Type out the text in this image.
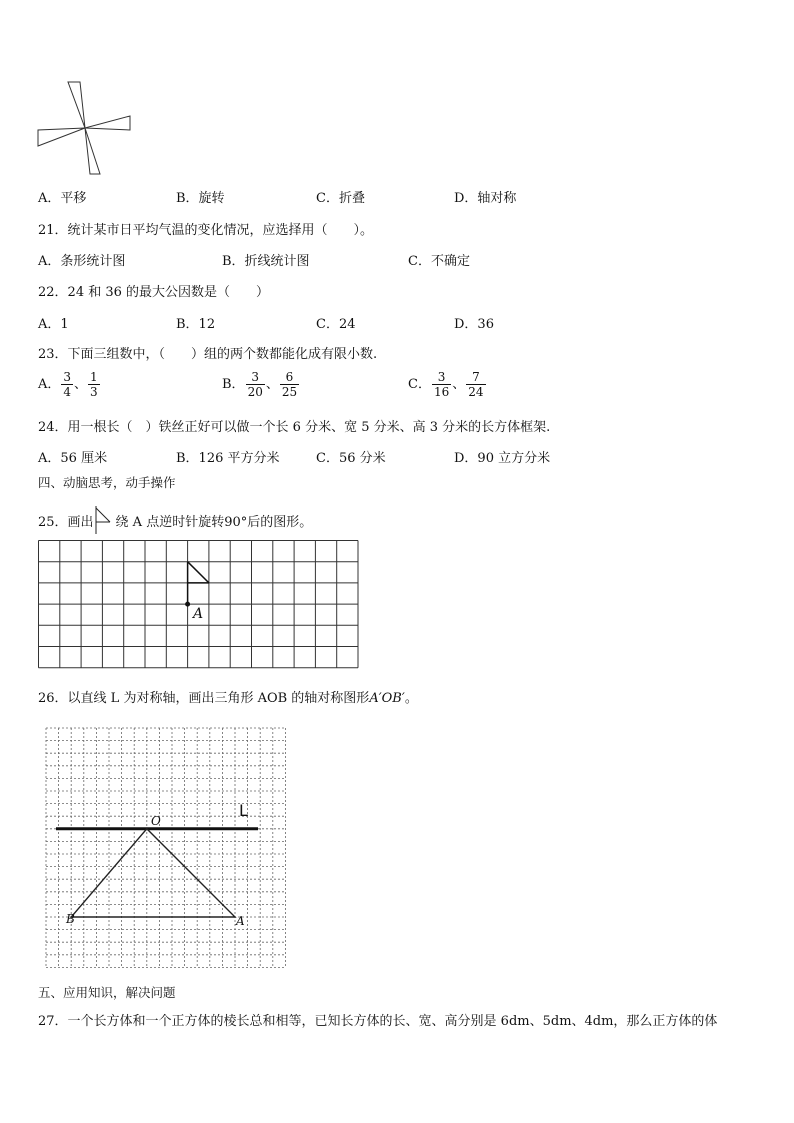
A．平移	B．旋转	C．折叠	D．轴对称
21．统计某市日平均气温的变化情况，应选择用（　　）。
A．条形统计图	B．折线统计图	C．不确定
22．24 和 36 的最大公因数是（　　）
A．1	B．12	C．24	D．36
23．下面三组数中，（　　）组的两个数都能化成有限小数.
A． $\frac{3}{4}$ 、 $\frac{1}{3}$	B． $\frac{3}{20}$ 、 $\frac{6}{25}$	C． $\frac{3}{16}$ 、 $\frac{7}{24}$
24．用一根长（　）铁丝正好可以做一个长 6 分米、宽 5 分米、高 3 分米的长方体框架.
A．56 厘米	B．126 平方分米	C．56 分米	D．90 立方分米
四、动脑思考，动手操作
25．画出 绕 A 点逆时针旋转90°后的图形。
A
26．以直线 L 为对称轴，画出三角形 AOB 的轴对称图形A′OB′。
O
L
A
B
五、应用知识，解决问题
27．一个长方体和一个正方体的棱长总和相等，已知长方体的长、宽、高分别是 6dm、5dm、4dm，那么正方体的体
